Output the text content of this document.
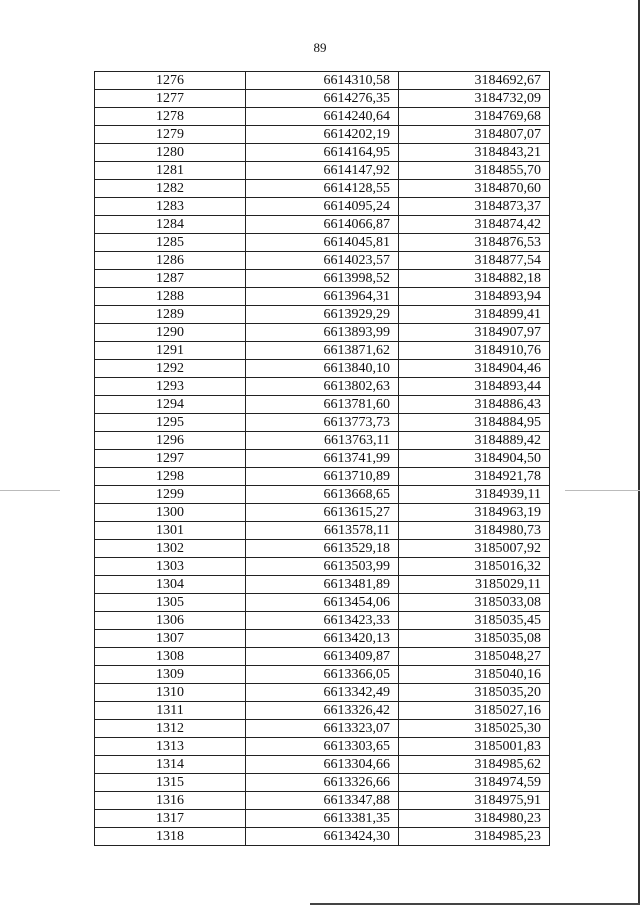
89
1276	6614310,58	3184692,67
1277	6614276,35	3184732,09
1278	6614240,64	3184769,68
1279	6614202,19	3184807,07
1280	6614164,95	3184843,21
1281	6614147,92	3184855,70
1282	6614128,55	3184870,60
1283	6614095,24	3184873,37
1284	6614066,87	3184874,42
1285	6614045,81	3184876,53
1286	6614023,57	3184877,54
1287	6613998,52	3184882,18
1288	6613964,31	3184893,94
1289	6613929,29	3184899,41
1290	6613893,99	3184907,97
1291	6613871,62	3184910,76
1292	6613840,10	3184904,46
1293	6613802,63	3184893,44
1294	6613781,60	3184886,43
1295	6613773,73	3184884,95
1296	6613763,11	3184889,42
1297	6613741,99	3184904,50
1298	6613710,89	3184921,78
1299	6613668,65	3184939,11
1300	6613615,27	3184963,19
1301	6613578,11	3184980,73
1302	6613529,18	3185007,92
1303	6613503,99	3185016,32
1304	6613481,89	3185029,11
1305	6613454,06	3185033,08
1306	6613423,33	3185035,45
1307	6613420,13	3185035,08
1308	6613409,87	3185048,27
1309	6613366,05	3185040,16
1310	6613342,49	3185035,20
1311	6613326,42	3185027,16
1312	6613323,07	3185025,30
1313	6613303,65	3185001,83
1314	6613304,66	3184985,62
1315	6613326,66	3184974,59
1316	6613347,88	3184975,91
1317	6613381,35	3184980,23
1318	6613424,30	3184985,23
